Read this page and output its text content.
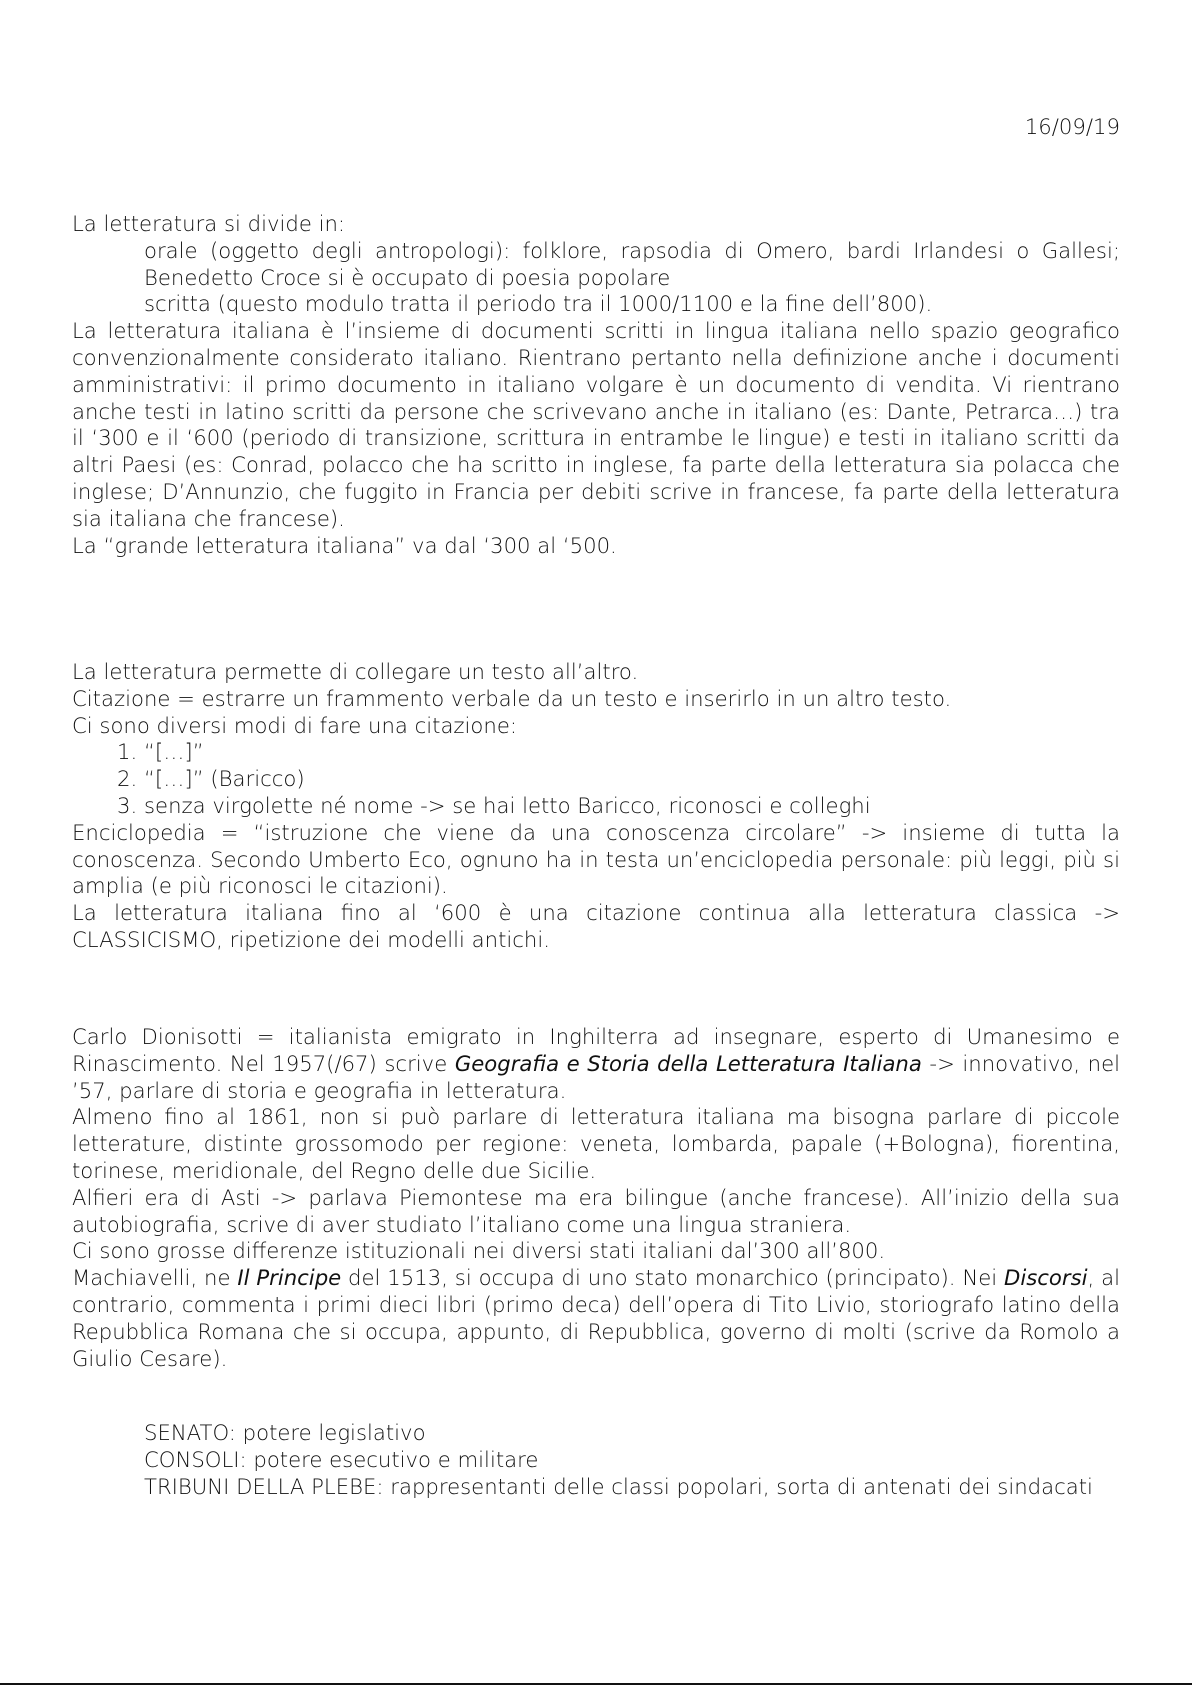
16/09/19

La letteratura si divide in:

orale (oggetto degli antropologi): folklore, rapsodia di Omero, bardi Irlandesi o Gallesi; Benedetto Croce si è occupato di poesia popolare

scritta (questo modulo tratta il periodo tra il 1000/1100 e la fine dell’800).

La letteratura italiana è l’insieme di documenti scritti in lingua italiana nello spazio geografico convenzionalmente considerato italiano. Rientrano pertanto nella definizione anche i documenti amministrativi: il primo documento in italiano volgare è un documento di vendita. Vi rientrano anche testi in latino scritti da persone che scrivevano anche in italiano (es: Dante, Petrarca…) tra il ‘300 e il ‘600 (periodo di transizione, scrittura in entrambe le lingue) e testi in italiano scritti da altri Paesi (es: Conrad, polacco che ha scritto in inglese, fa parte della letteratura sia polacca che inglese; D’Annunzio, che fuggito in Francia per debiti scrive in francese, fa parte della letteratura sia italiana che francese).

La “grande letteratura italiana” va dal ‘300 al ‘500.

La letteratura permette di collegare un testo all’altro.

Citazione = estrarre un frammento verbale da un testo e inserirlo in un altro testo.

Ci sono diversi modi di fare una citazione:

1. “[…]”
2. “[…]” (Baricco)
3. senza virgolette né nome -> se hai letto Baricco, riconosci e colleghi

Enciclopedia = “istruzione che viene da una conoscenza circolare” -> insieme di tutta la conoscenza. Secondo Umberto Eco, ognuno ha in testa un’enciclopedia personale: più leggi, più si amplia (e più riconosci le citazioni).

La letteratura italiana fino al ‘600 è una citazione continua alla letteratura classica -> CLASSICISMO, ripetizione dei modelli antichi.

Carlo Dionisotti = italianista emigrato in Inghilterra ad insegnare, esperto di Umanesimo e Rinascimento. Nel 1957(/67) scrive Geografia e Storia della Letteratura Italiana -> innovativo, nel ’57, parlare di storia e geografia in letteratura.

Almeno fino al 1861, non si può parlare di letteratura italiana ma bisogna parlare di piccole letterature, distinte grossomodo per regione: veneta, lombarda, papale (+Bologna), fiorentina, torinese, meridionale, del Regno delle due Sicilie.

Alfieri era di Asti -> parlava Piemontese ma era bilingue (anche francese). All’inizio della sua autobiografia, scrive di aver studiato l’italiano come una lingua straniera.

Ci sono grosse differenze istituzionali nei diversi stati italiani dal’300 all’800.

Machiavelli, ne Il Principe del 1513, si occupa di uno stato monarchico (principato). Nei Discorsi, al contrario, commenta i primi dieci libri (primo deca) dell’opera di Tito Livio, storiografo latino della Repubblica Romana che si occupa, appunto, di Repubblica, governo di molti (scrive da Romolo a Giulio Cesare).

SENATO: potere legislativo

CONSOLI: potere esecutivo e militare

TRIBUNI DELLA PLEBE: rappresentanti delle classi popolari, sorta di antenati dei sindacati
